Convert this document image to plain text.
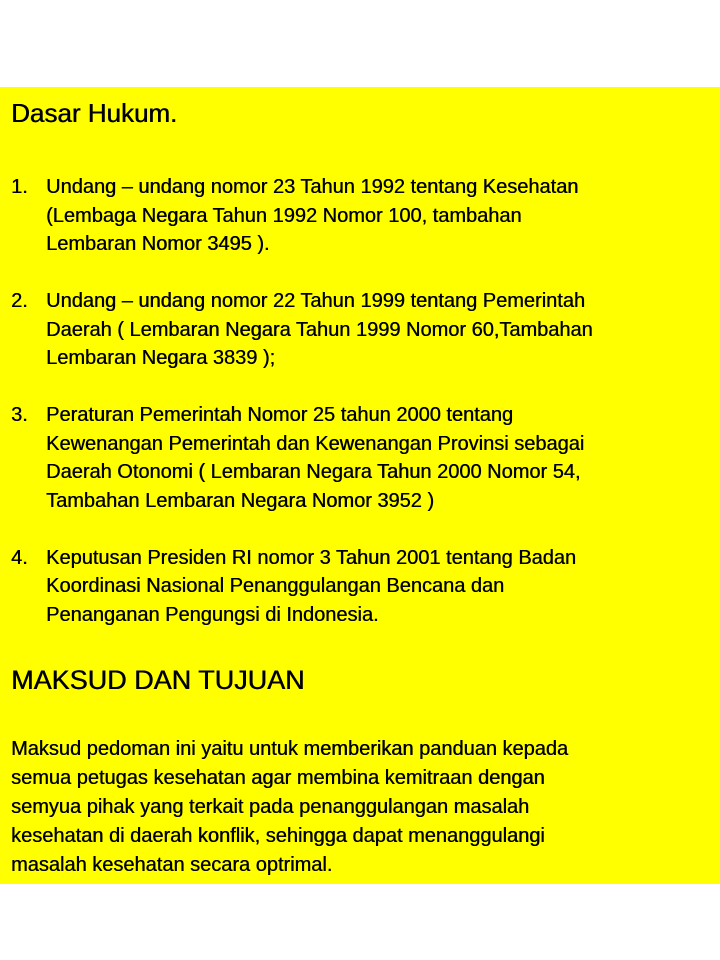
Dasar Hukum.
1. Undang – undang nomor 23 Tahun 1992 tentang Kesehatan
(Lembaga Negara Tahun 1992 Nomor 100, tambahan
Lembaran Nomor 3495 ).
2. Undang – undang nomor 22 Tahun 1999 tentang Pemerintah
Daerah ( Lembaran Negara Tahun 1999 Nomor 60,Tambahan
Lembaran Negara 3839 );
3. Peraturan Pemerintah Nomor 25 tahun 2000 tentang
Kewenangan Pemerintah dan Kewenangan Provinsi sebagai
Daerah Otonomi ( Lembaran Negara Tahun 2000 Nomor 54,
Tambahan Lembaran Negara Nomor 3952 )
4. Keputusan Presiden RI nomor 3 Tahun 2001 tentang Badan
Koordinasi Nasional Penanggulangan Bencana dan
Penanganan Pengungsi di Indonesia.
MAKSUD DAN TUJUAN

Maksud pedoman ini yaitu untuk memberikan panduan kepada
semua petugas kesehatan agar membina kemitraan dengan
semyua pihak yang terkait pada penanggulangan masalah
kesehatan di daerah konflik, sehingga dapat menanggulangi
masalah kesehatan secara optrimal.
